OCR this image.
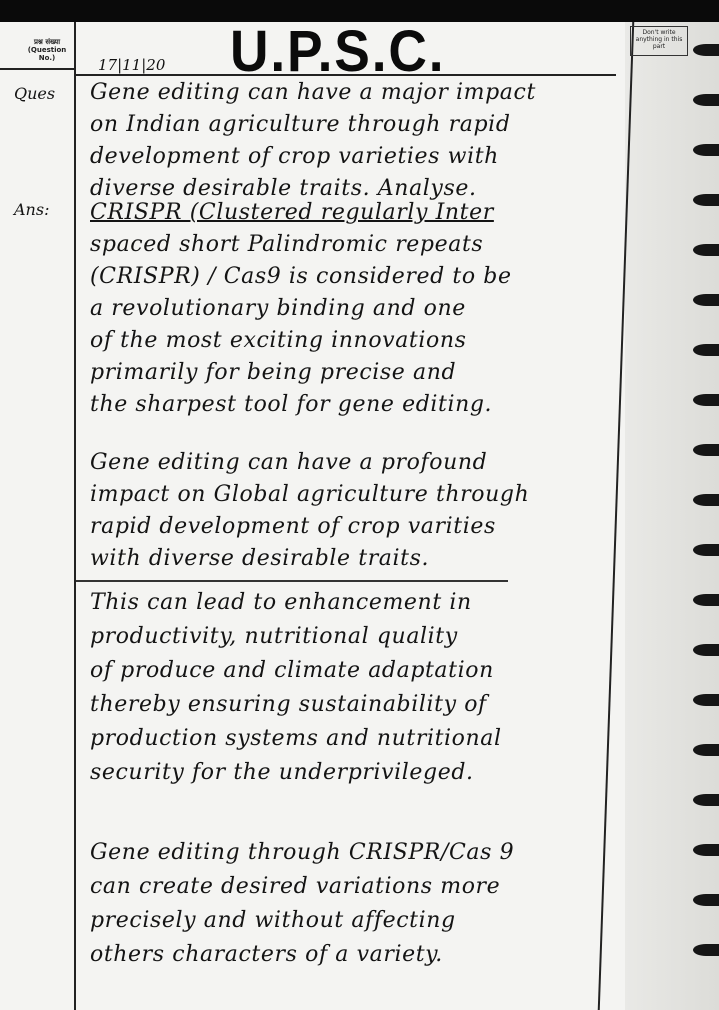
प्रश्न संख्या (Question No.)	17|11|20 U.P.S.C.	Don't write anything in this part
Ques Gene editing can have a major impact
on Indian agriculture through rapid
development of crop varieties with
diverse desirable traits. Analyse.
Ans: CRISPR (Clustered regularly Inter
spaced short Palindromic repeats
(CRISPR) / Cas9 is considered to be
a revolutionary binding and one
of the most exciting innovations
primarily for being precise and
the sharpest tool for gene editing.
Gene editing can have a profound
impact on Global agriculture through
rapid development of crop varities
with diverse desirable traits.
This can lead to enhancement in
productivity, nutritional quality
of produce and climate adaptation
thereby ensuring sustainability of
production systems and nutritional
security for the underprivileged.
Gene editing through CRISPR/Cas 9
can create desired variations more
precisely and without affecting
others characters of a variety.
